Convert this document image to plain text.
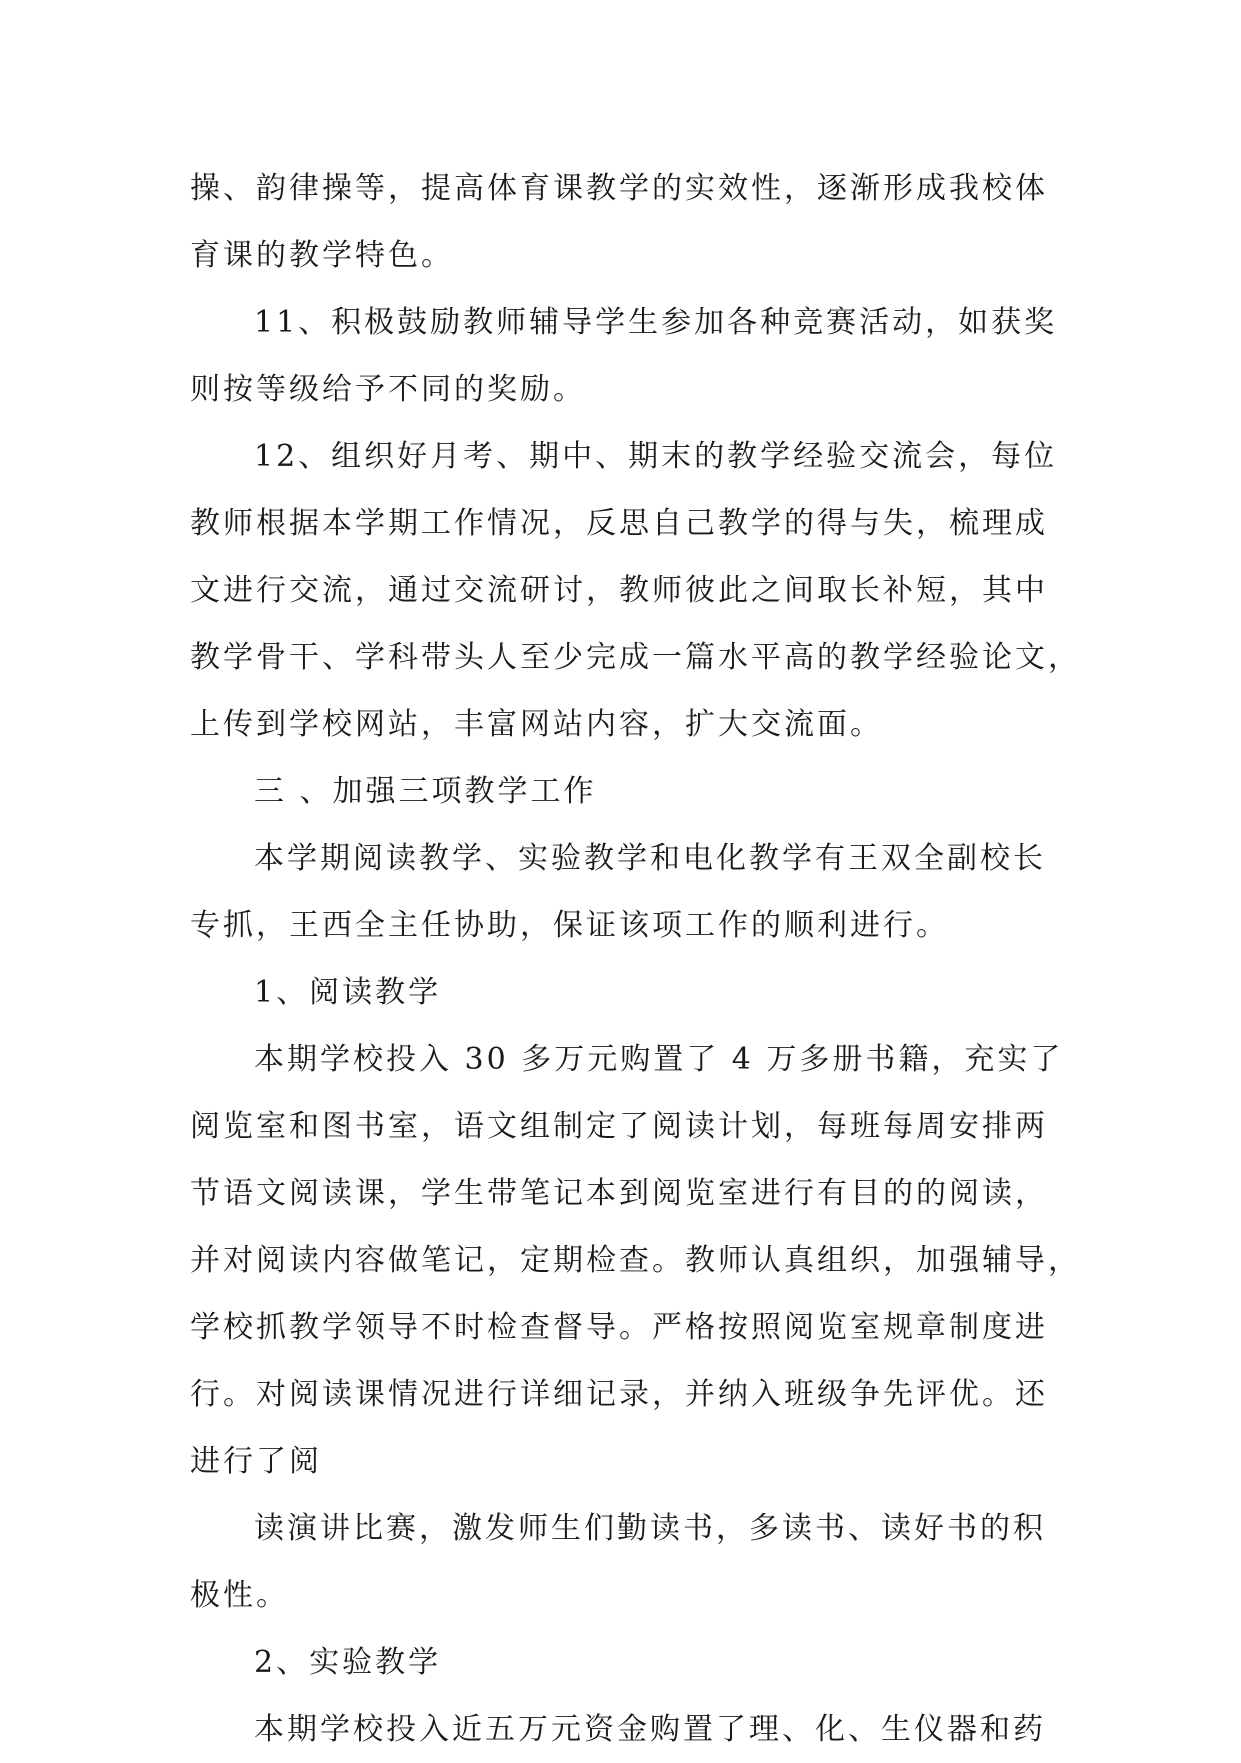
操、韵律操等，提高体育课教学的实效性，逐渐形成我校体
育课的教学特色。
11、积极鼓励教师辅导学生参加各种竞赛活动，如获奖
则按等级给予不同的奖励。
12、组织好月考、期中、期末的教学经验交流会，每位
教师根据本学期工作情况，反思自己教学的得与失，梳理成
文进行交流，通过交流研讨，教师彼此之间取长补短，其中
教学骨干、学科带头人至少完成一篇水平高的教学经验论文，
上传到学校网站，丰富网站内容，扩大交流面。
三 、加强三项教学工作
本学期阅读教学、实验教学和电化教学有王双全副校长
专抓，王西全主任协助，保证该项工作的顺利进行。
1、阅读教学
本期学校投入 30 多万元购置了 4 万多册书籍，充实了
阅览室和图书室，语文组制定了阅读计划，每班每周安排两
节语文阅读课，学生带笔记本到阅览室进行有目的的阅读，
并对阅读内容做笔记，定期检查。教师认真组织，加强辅导，
学校抓教学领导不时检查督导。严格按照阅览室规章制度进
行。对阅读课情况进行详细记录，并纳入班级争先评优。还
进行了阅
读演讲比赛，激发师生们勤读书，多读书、读好书的积
极性。
2、实验教学
本期学校投入近五万元资金购置了理、化、生仪器和药
